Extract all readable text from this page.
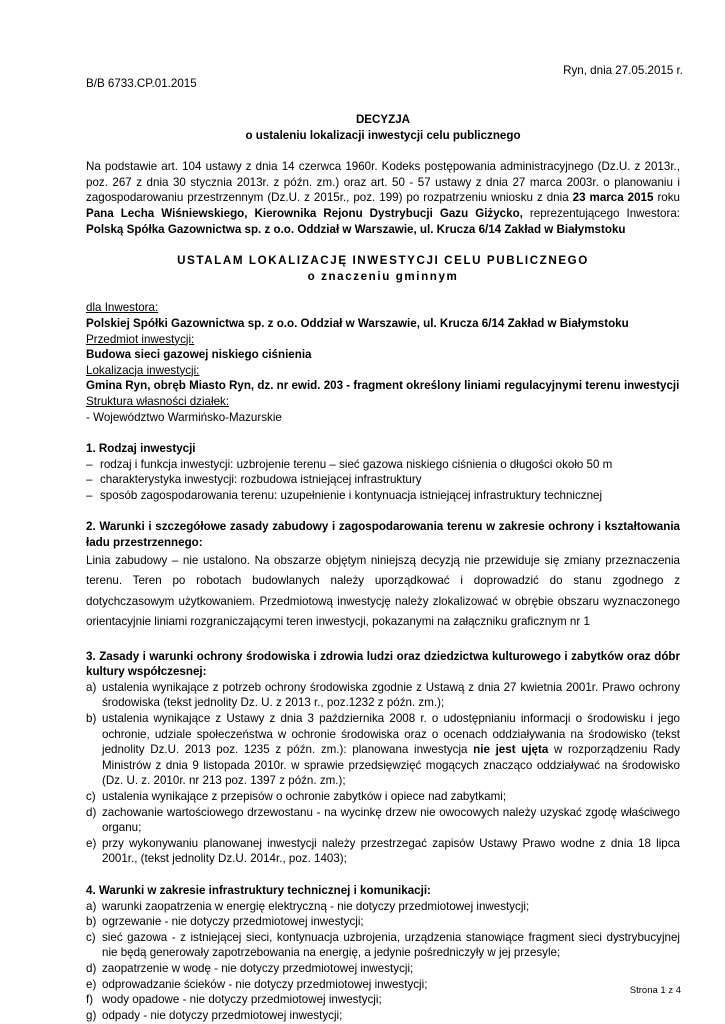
Ryn, dnia 27.05.2015 r.
B/B 6733.CP.01.2015

DECYZJA

o ustaleniu lokalizacji inwestycji celu publicznego

Na podstawie art. 104 ustawy z dnia 14 czerwca 1960r. Kodeks postępowania administracyjnego (Dz.U. z 2013r., poz. 267 z dnia 30 stycznia 2013r. z późn. zm.) oraz art. 50 - 57 ustawy z dnia 27 marca 2003r. o planowaniu i zagospodarowaniu przestrzennym (Dz.U. z 2015r., poz. 199) po rozpatrzeniu wniosku z dnia 23 marca 2015 roku Pana Lecha Wiśniewskiego, Kierownika Rejonu Dystrybucji Gazu Giżycko, reprezentującego Inwestora: Polską Spółka Gazownictwa sp. z o.o. Oddział w Warszawie, ul. Krucza 6/14 Zakład w Białymstoku

USTALAM LOKALIZACJĘ INWESTYCJI CELU PUBLICZNEGO

o znaczeniu gminnym

dla Inwestora:

Polskiej Spółki Gazownictwa sp. z o.o. Oddział w Warszawie, ul. Krucza 6/14 Zakład w Białymstoku

Przedmiot inwestycji:

Budowa sieci gazowej niskiego ciśnienia

Lokalizacja inwestycji:

Gmina Ryn, obręb Miasto Ryn, dz. nr ewid. 203 - fragment określony liniami regulacyjnymi terenu inwestycji

Struktura własności działek:

- Województwo Warmińsko-Mazurskie

1. Rodzaj inwestycji

– rodzaj i funkcja inwestycji: uzbrojenie terenu – sieć gazowa niskiego ciśnienia o długości około 50 m
– charakterystyka inwestycji: rozbudowa istniejącej infrastruktury
– sposób zagospodarowania terenu: uzupełnienie i kontynuacja istniejącej infrastruktury technicznej

2. Warunki i szczegółowe zasady zabudowy i zagospodarowania terenu w zakresie ochrony i kształtowania ładu przestrzennego:

Linia zabudowy – nie ustalono. Na obszarze objętym niniejszą decyzją nie przewiduje się zmiany przeznaczenia terenu. Teren po robotach budowlanych należy uporządkować i doprowadzić do stanu zgodnego z dotychczasowym użytkowaniem. Przedmiotową inwestycję należy zlokalizować w obrębie obszaru wyznaczonego orientacyjnie liniami rozgraniczającymi teren inwestycji, pokazanymi na załączniku graficznym nr 1

3. Zasady i warunki ochrony środowiska i zdrowia ludzi oraz dziedzictwa kulturowego i zabytków oraz dóbr kultury współczesnej:

a) ustalenia wynikające z potrzeb ochrony środowiska zgodnie z Ustawą z dnia 27 kwietnia 2001r. Prawo ochrony środowiska (tekst jednolity Dz. U. z 2013 r., poz.1232 z późn. zm.);
b) ustalenia wynikające z Ustawy z dnia 3 października 2008 r. o udostępnianiu informacji o środowisku i jego ochronie, udziale społeczeństwa w ochronie środowiska oraz o ocenach oddziaływania na środowisko (tekst jednolity Dz.U. 2013 poz. 1235 z późn. zm.): planowana inwestycja nie jest ujęta w rozporządzeniu Rady Ministrów z dnia 9 listopada 2010r. w sprawie przedsięwzięć mogących znacząco oddziaływać na środowisko (Dz. U. z. 2010r. nr 213 poz. 1397 z późn. zm.);
c) ustalenia wynikające z przepisów o ochronie zabytków i opiece nad zabytkami;
d) zachowanie wartościowego drzewostanu - na wycinkę drzew nie owocowych należy uzyskać zgodę właściwego organu;
e) przy wykonywaniu planowanej inwestycji należy przestrzegać zapisów Ustawy Prawo wodne z dnia 18 lipca 2001r., (tekst jednolity Dz.U. 2014r., poz. 1403);

4. Warunki w zakresie infrastruktury technicznej i komunikacji:

a) warunki zaopatrzenia w energię elektryczną - nie dotyczy przedmiotowej inwestycji;
b) ogrzewanie - nie dotyczy przedmiotowej inwestycji;
c) sieć gazowa - z istniejącej sieci, kontynuacja uzbrojenia, urządzenia stanowiące fragment sieci dystrybucyjnej nie będą generowały zapotrzebowania na energię, a jedynie pośredniczyły w jej przesyle;
d) zaopatrzenie w wodę - nie dotyczy przedmiotowej inwestycji;
e) odprowadzanie ścieków - nie dotyczy przedmiotowej inwestycji;
f) wody opadowe - nie dotyczy przedmiotowej inwestycji;
g) odpady - nie dotyczy przedmiotowej inwestycji;
Strona 1 z 4
